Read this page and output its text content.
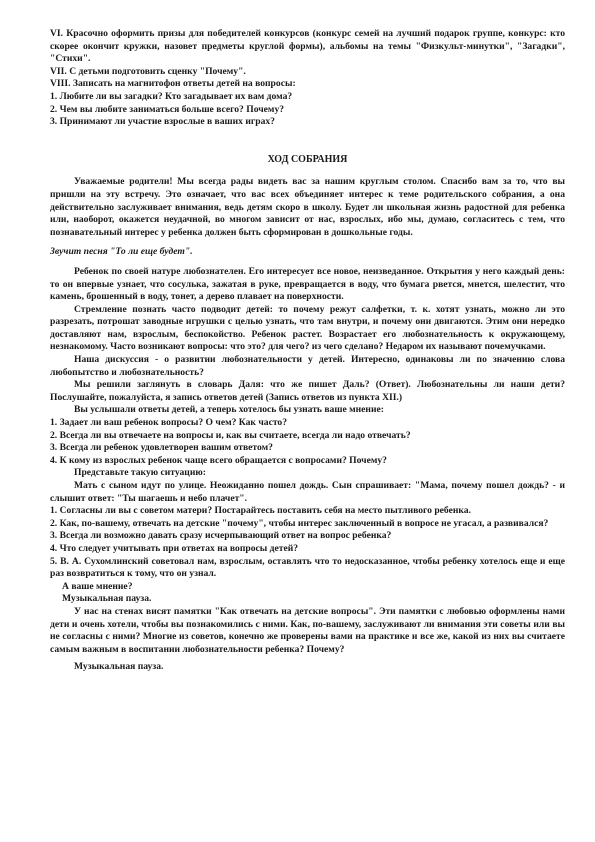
VI. Красочно оформить призы для победителей конкурсов (конкурс семей на лучший подарок группе, конкурс: кто скорее окончит кружки, назовет предметы круглой формы), альбомы на темы "Физкульт-минутки", "Загадки", "Стихи".

VII. С детьми подготовить сценку "Почему".

VIII. Записать на магнитофон ответы детей на вопросы:

1. Любите ли вы загадки? Кто загадывает их вам дома?

2. Чем вы любите заниматься больше всего? Почему?

3. Принимают ли участие взрослые в ваших играх?

ХОД СОБРАНИЯ

Уважаемые родители! Мы всегда рады видеть вас за нашим круглым столом. Спасибо вам за то, что вы пришли на эту встречу. Это означает, что вас всех объединяет интерес к теме родительского собрания, а она действительно заслуживает внимания, ведь детям скоро в школу. Будет ли школьная жизнь радостной для ребенка или, наоборот, окажется неудачной, во многом зависит от нас, взрослых, ибо мы, думаю, согласитесь с тем, что познавательный интерес у ребенка должен быть сформирован в дошкольные годы.

Звучит песня "То ли еще будет".

Ребенок по своей натуре любознателен. Его интересует все новое, неизведанное. Открытия у него каждый день: то он впервые узнает, что сосулька, зажатая в руке, превращается в воду, что бумага рвется, мнется, шелестит, что камень, брошенный в воду, тонет, а дерево плавает на поверхности.

Стремление познать часто подводит детей: то почему режут салфетки, т. к. хотят узнать, можно ли это разрезать, потрошат заводные игрушки с целью узнать, что там внутри, и почему они двигаются. Этим они нередко доставляют нам, взрослым, беспокойство. Ребенок растет. Возрастает его любознательность к окружающему, незнакомому. Часто возникают вопросы: что это? для чего? из чего сделано? Недаром их называют почемучками.

Наша дискуссия - о развитии любознательности у детей. Интересно, одинаковы ли по значению слова любопытство и любознательность?

Мы решили заглянуть в словарь Даля: что же пишет Даль? (Ответ). Любознательны ли наши дети? Послушайте, пожалуйста, я запись ответов детей (Запись ответов из пункта XII.)

Вы услышали ответы детей, а теперь хотелось бы узнать ваше мнение:

1. Задает ли ваш ребенок вопросы? О чем? Как часто?

2. Всегда ли вы отвечаете на вопросы и, как вы считаете, всегда ли надо отвечать?

3. Всегда ли ребенок удовлетворен вашим ответом?

4. К кому из взрослых ребенок чаще всего обращается с вопросами? Почему?

Представьте такую ситуацию:

Мать с сыном идут по улице. Неожиданно пошел дождь. Сын спрашивает: "Мама, почему пошел дождь? - и слышит ответ: "Ты шагаешь и небо плачет".

1. Согласны ли вы с советом матери? Постарайтесь поставить себя на место пытливого ребенка.

2. Как, по-вашему, отвечать на детские "почему", чтобы интерес заключенный в вопросе не угасал, а развивался?

3. Всегда ли возможно давать сразу исчерпывающий ответ на вопрос ребенка?

4. Что следует учитывать при ответах на вопросы детей?

5. В. А. Сухомлинский советовал нам, взрослым, оставлять что то недосказанное, чтобы ребенку хотелось еще и еще раз возвратиться к тому, что он узнал.

А ваше мнение?

Музыкальная пауза.

У нас на стенах висят памятки "Как отвечать на детские вопросы". Эти памятки с любовью оформлены нами дети и очень хотели, чтобы вы познакомились с ними. Как, по-вашему, заслуживают ли внимания эти советы или вы не согласны с ними? Многие из советов, конечно же проверены вами на практике и все же, какой из них вы считаете самым важным в воспитании любознательности ребенка? Почему?

Музыкальная пауза.
